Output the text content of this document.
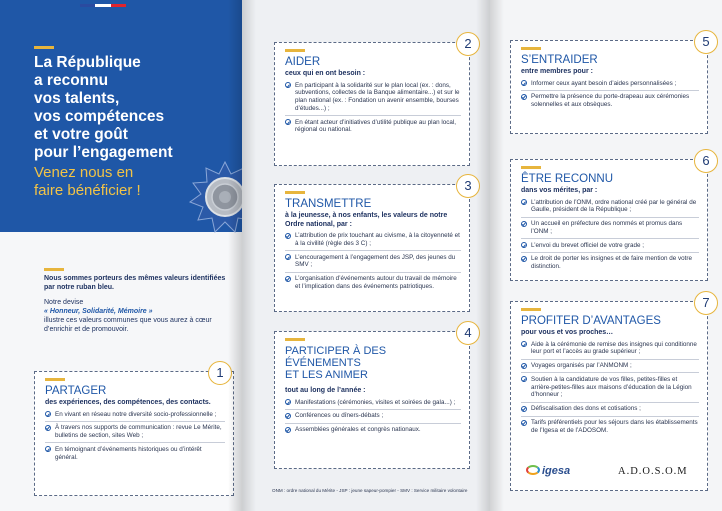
La République
a reconnu
vos talents,
vos compétences
et votre goût
pour l’engagement
Venez nous en
faire bénéficier !
Nous sommes porteurs des mêmes valeurs identifiées par notre ruban bleu.
Notre devise
« Honneur, Solidarité, Mémoire »
illustre ces valeurs communes que vous aurez à cœur d’enrichir et de promouvoir.
PARTAGER
des expériences, des compétences, des contacts.
En vivant en réseau notre diversité socio-professionnelle ;
À travers nos supports de communication : revue Le Mérite, bulletins de section, sites Web ;
En témoignant d’événements historiques ou d’intérêt général.
1
AIDER
ceux qui en ont besoin :
En participant à la solidarité sur le plan local (ex. : dons, subventions, collectes de la Banque alimentaire...) et sur le plan national (ex. : Fondation un avenir ensemble, bourses d’études...) ;
En étant acteur d’initiatives d’utilité publique au plan local, régional ou national.
2
TRANSMETTRE
à la jeunesse, à nos enfants, les valeurs de notre Ordre national, par :
L’attribution de prix touchant au civisme, à la citoyenneté et à la civilité (règle des 3 C) ;
L’encouragement à l’engagement des JSP, des jeunes du SMV ;
L’organisation d’événements autour du travail de mémoire et l’implication dans des événements patriotiques.
3
PARTICIPER À DES
ÉVÉNEMENTS
ET LES ANIMER
tout au long de l’année :
Manifestations (cérémonies, visites et soirées de gala...) ;
Conférences ou dîners-débats ;
Assemblées générales et congrès nationaux.
4
ONM : ordre national du Mérite - JSP : jeune sapeur-pompier - SMV : Service militaire volontaire
S’ENTRAIDER
entre membres pour :
Informer ceux ayant besoin d’aides personnalisées ;
Permettre la présence du porte-drapeau aux cérémonies solennelles et aux obsèques.
5
ÊTRE RECONNU
dans vos mérites, par :
L’attribution de l’ONM, ordre national créé par le général de Gaulle, président de la République ;
Un accueil en préfecture des nommés et promus dans l’ONM ;
L’envoi du brevet officiel de votre grade ;
Le droit de porter les insignes et de faire mention de votre distinction.
6
PROFITER D’AVANTAGES
pour vous et vos proches…
Aide à la cérémonie de remise des insignes qui conditionne leur port et l’accès au grade supérieur ;
Voyages organisés par l’ANMONM ;
Soutien à la candidature de vos filles, petites-filles et arrière-petites-filles aux maisons d’éducation de la Légion d’honneur ;
Défiscalisation des dons et cotisations ;
Tarifs préférentiels pour les séjours dans les établissements de l’Igesa et de l’ADOSOM.
7
igesa	A.D.O.S.O.M
